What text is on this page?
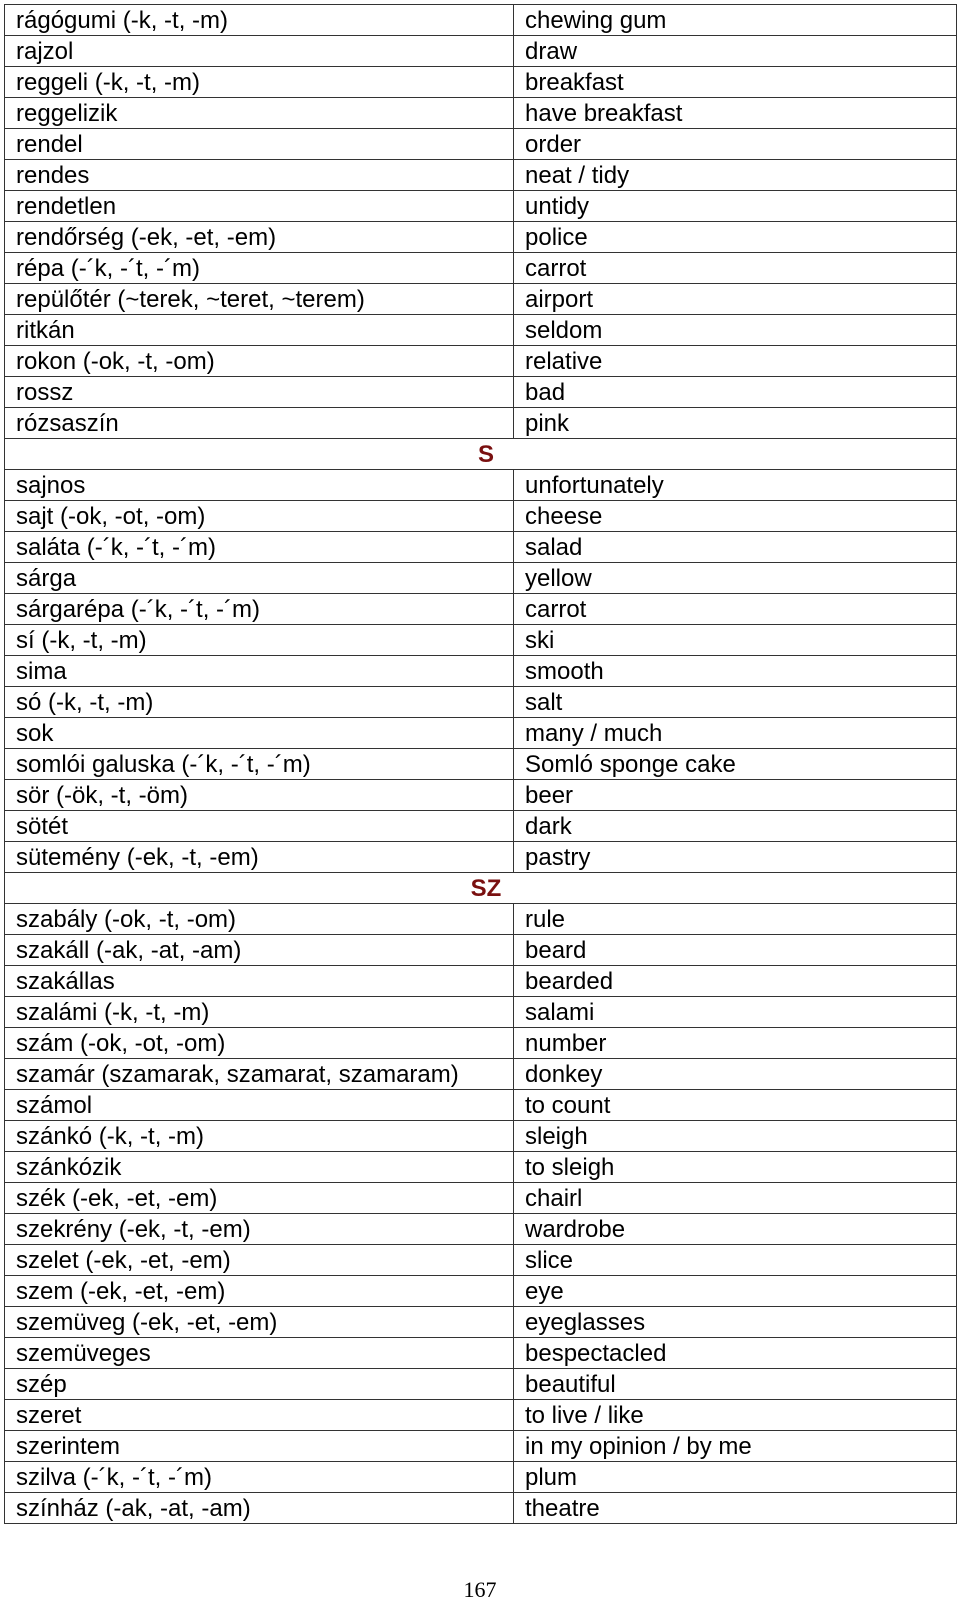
rágógumi (-k, -t, -m)	chewing gum
rajzol	draw
reggeli (-k, -t, -m)	breakfast
reggelizik	have breakfast
rendel	order
rendes	neat / tidy
rendetlen	untidy
rendőrség (-ek, -et, -em)	police
répa (-´k, -´t, -´m)	carrot
repülőtér (~terek, ~teret, ~terem)	airport
ritkán	seldom
rokon (-ok, -t, -om)	relative
rossz	bad
rózsaszín	pink
S	
sajnos	unfortunately
sajt (-ok, -ot, -om)	cheese
saláta (-´k, -´t, -´m)	salad
sárga	yellow
sárgarépa (-´k, -´t, -´m)	carrot
sí (-k, -t, -m)	ski
sima	smooth
só (-k, -t, -m)	salt
sok	many / much
somlói galuska (-´k, -´t, -´m)	Somló sponge cake
sör (-ök, -t, -öm)	beer
sötét	dark
sütemény (-ek, -t, -em)	pastry
SZ	
szabály (-ok, -t, -om)	rule
szakáll (-ak, -at, -am)	beard
szakállas	bearded
szalámi (-k, -t, -m)	salami
szám (-ok, -ot, -om)	number
szamár (szamarak, szamarat, szamaram)	donkey
számol	to count
szánkó (-k, -t, -m)	sleigh
szánkózik	to sleigh
szék (-ek, -et, -em)	chairl
szekrény (-ek, -t, -em)	wardrobe
szelet (-ek, -et, -em)	slice
szem (-ek, -et, -em)	eye
szemüveg (-ek, -et, -em)	eyeglasses
szemüveges	bespectacled
szép	beautiful
szeret	to live / like
szerintem	in my opinion / by me
szilva (-´k, -´t, -´m)	plum
színház (-ak, -at, -am)	theatre
167
